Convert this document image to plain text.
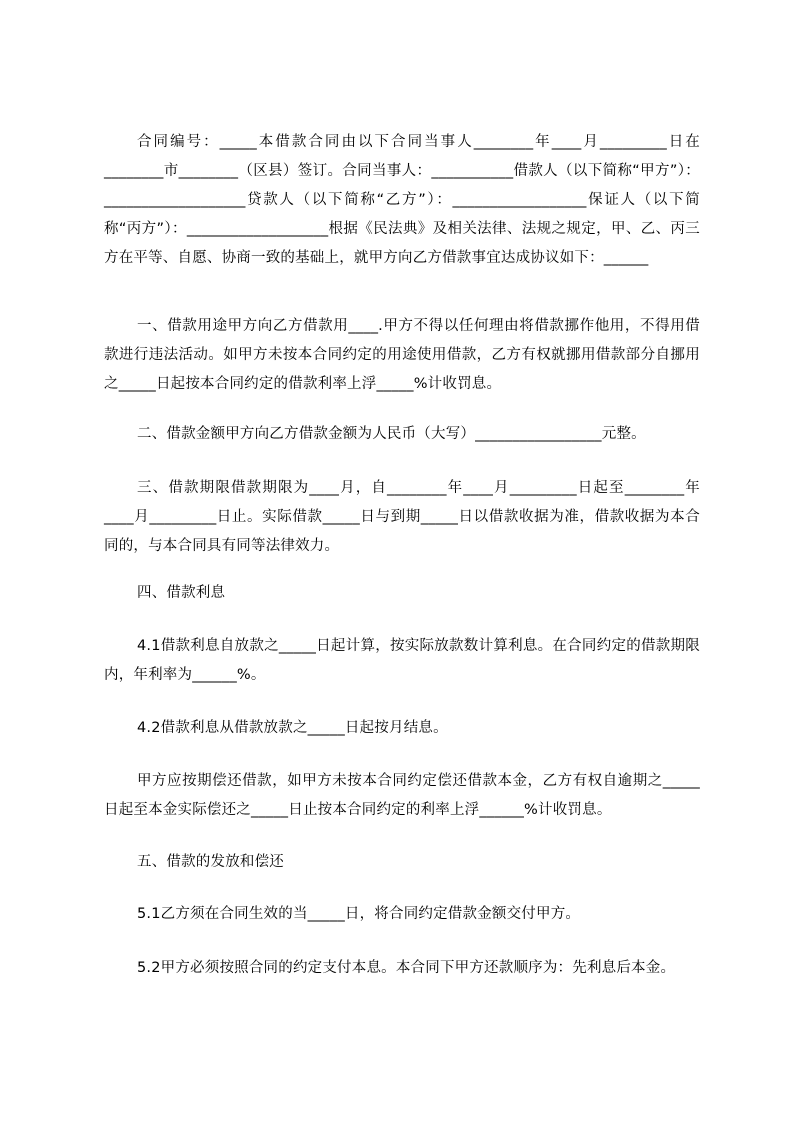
合同编号：_____本借款合同由以下合同当事人________年____月_________日在________市________（区县）签订。合同当事人：___________借款人（以下简称“甲方”）：___________________贷款人（以下简称“乙方”）：__________________保证人（以下简称“丙方”）：___________________根据《民法典》及相关法律、法规之规定，甲、乙、丙三方在平等、自愿、协商一致的基础上，就甲方向乙方借款事宜达成协议如下：______

一、借款用途甲方向乙方借款用____.甲方不得以任何理由将借款挪作他用，不得用借款进行违法活动。如甲方未按本合同约定的用途使用借款，乙方有权就挪用借款部分自挪用之_____日起按本合同约定的借款利率上浮_____%计收罚息。

二、借款金额甲方向乙方借款金额为人民币（大写）_________________元整。

三、借款期限借款期限为____月，自________年____月_________日起至________年____月_________日止。实际借款_____日与到期_____日以借款收据为准，借款收据为本合同的，与本合同具有同等法律效力。

四、借款利息

4.1借款利息自放款之_____日起计算，按实际放款数计算利息。在合同约定的借款期限内，年利率为______%。

4.2借款利息从借款放款之_____日起按月结息。

甲方应按期偿还借款，如甲方未按本合同约定偿还借款本金，乙方有权自逾期之_____日起至本金实际偿还之_____日止按本合同约定的利率上浮______%计收罚息。

五、借款的发放和偿还

5.1乙方须在合同生效的当_____日，将合同约定借款金额交付甲方。

5.2甲方必须按照合同的约定支付本息。本合同下甲方还款顺序为：先利息后本金。
